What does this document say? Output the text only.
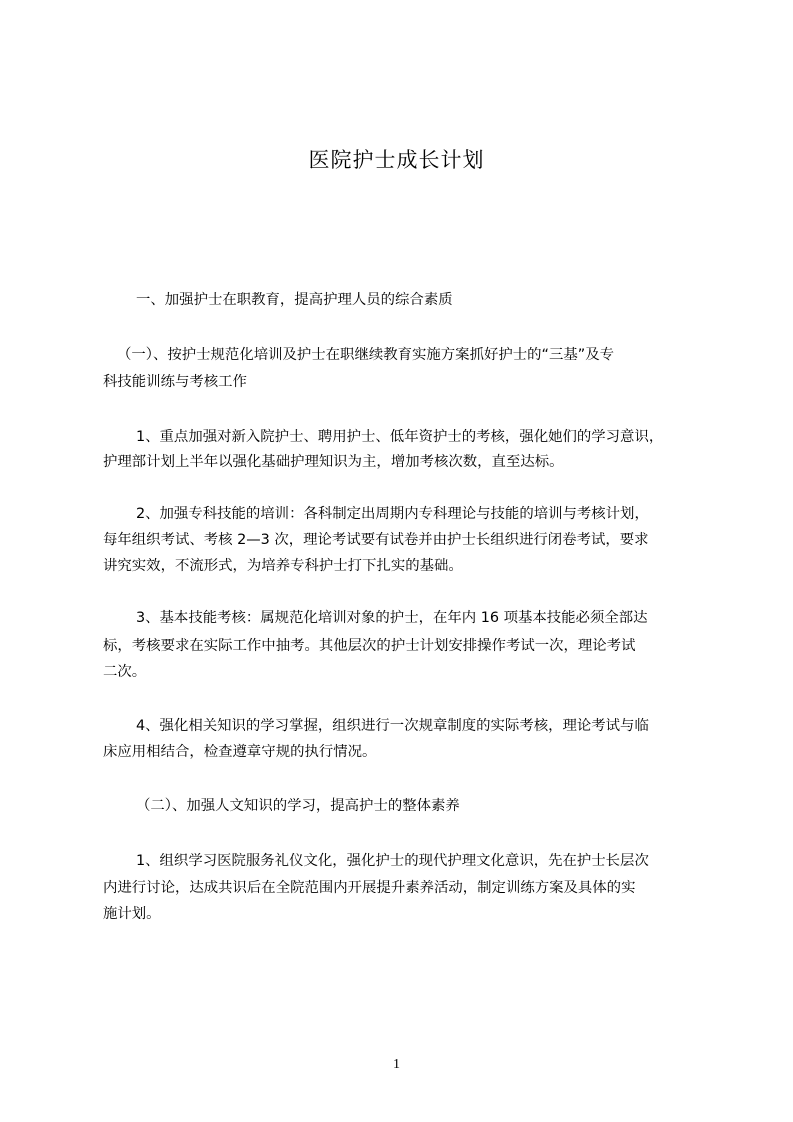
医院护士成长计划

一、加强护士在职教育，提高护理人员的综合素质

（一）、按护士规范化培训及护士在职继续教育实施方案抓好护士的“三基”及专

科技能训练与考核工作

1、重点加强对新入院护士、聘用护士、低年资护士的考核，强化她们的学习意识，

护理部计划上半年以强化基础护理知识为主，增加考核次数，直至达标。

2、加强专科技能的培训：各科制定出周期内专科理论与技能的培训与考核计划，

每年组织考试、考核 2—3 次，理论考试要有试卷并由护士长组织进行闭卷考试，要求

讲究实效，不流形式，为培养专科护士打下扎实的基础。

3、基本技能考核：属规范化培训对象的护士，在年内 16 项基本技能必须全部达

标，考核要求在实际工作中抽考。其他层次的护士计划安排操作考试一次，理论考试

二次。

4、强化相关知识的学习掌握，组织进行一次规章制度的实际考核，理论考试与临

床应用相结合，检查遵章守规的执行情况。

（二）、加强人文知识的学习，提高护士的整体素养

1、组织学习医院服务礼仪文化，强化护士的现代护理文化意识，先在护士长层次

内进行讨论，达成共识后在全院范围内开展提升素养活动，制定训练方案及具体的实

施计划。

1
